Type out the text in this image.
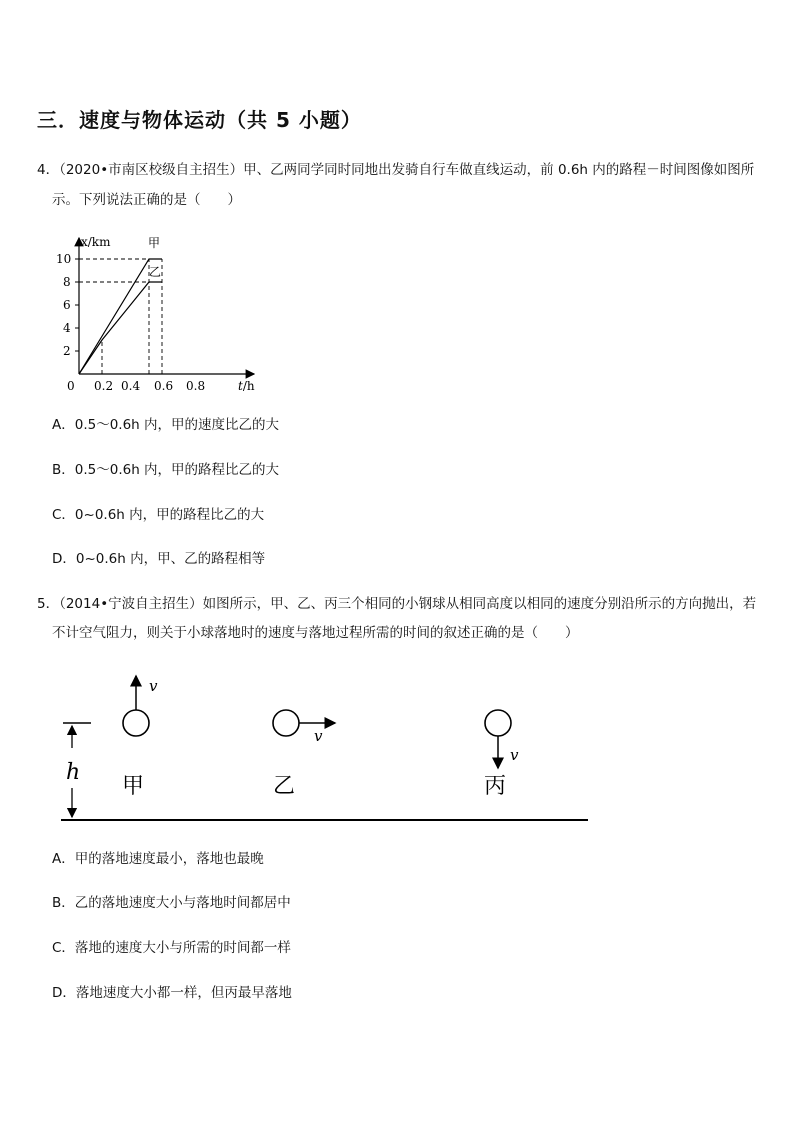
三．速度与物体运动（共 5 小题）
4．（2020•市南区校级自主招生）甲、乙两同学同时同地出发骑自行车做直线运动，前 0.6h 内的路程－时间图像如图所
示。下列说法正确的是（　　）
10
8
6
4
2
0 0.2 0.4 0.6 0.8
x/km
t/h
甲
乙
A．0.5～0.6h 内，甲的速度比乙的大
B．0.5～0.6h 内，甲的路程比乙的大
C．0~0.6h 内，甲的路程比乙的大
D．0~0.6h 内，甲、乙的路程相等
5．（2014•宁波自主招生）如图所示，甲、乙、丙三个相同的小钢球从相同高度以相同的速度分别沿所示的方向抛出，若
不计空气阻力，则关于小球落地时的速度与落地过程所需的时间的叙述正确的是（　　）
h
v
甲
v
乙
v
丙
A．甲的落地速度最小，落地也最晚
B．乙的落地速度大小与落地时间都居中
C．落地的速度大小与所需的时间都一样
D．落地速度大小都一样，但丙最早落地
